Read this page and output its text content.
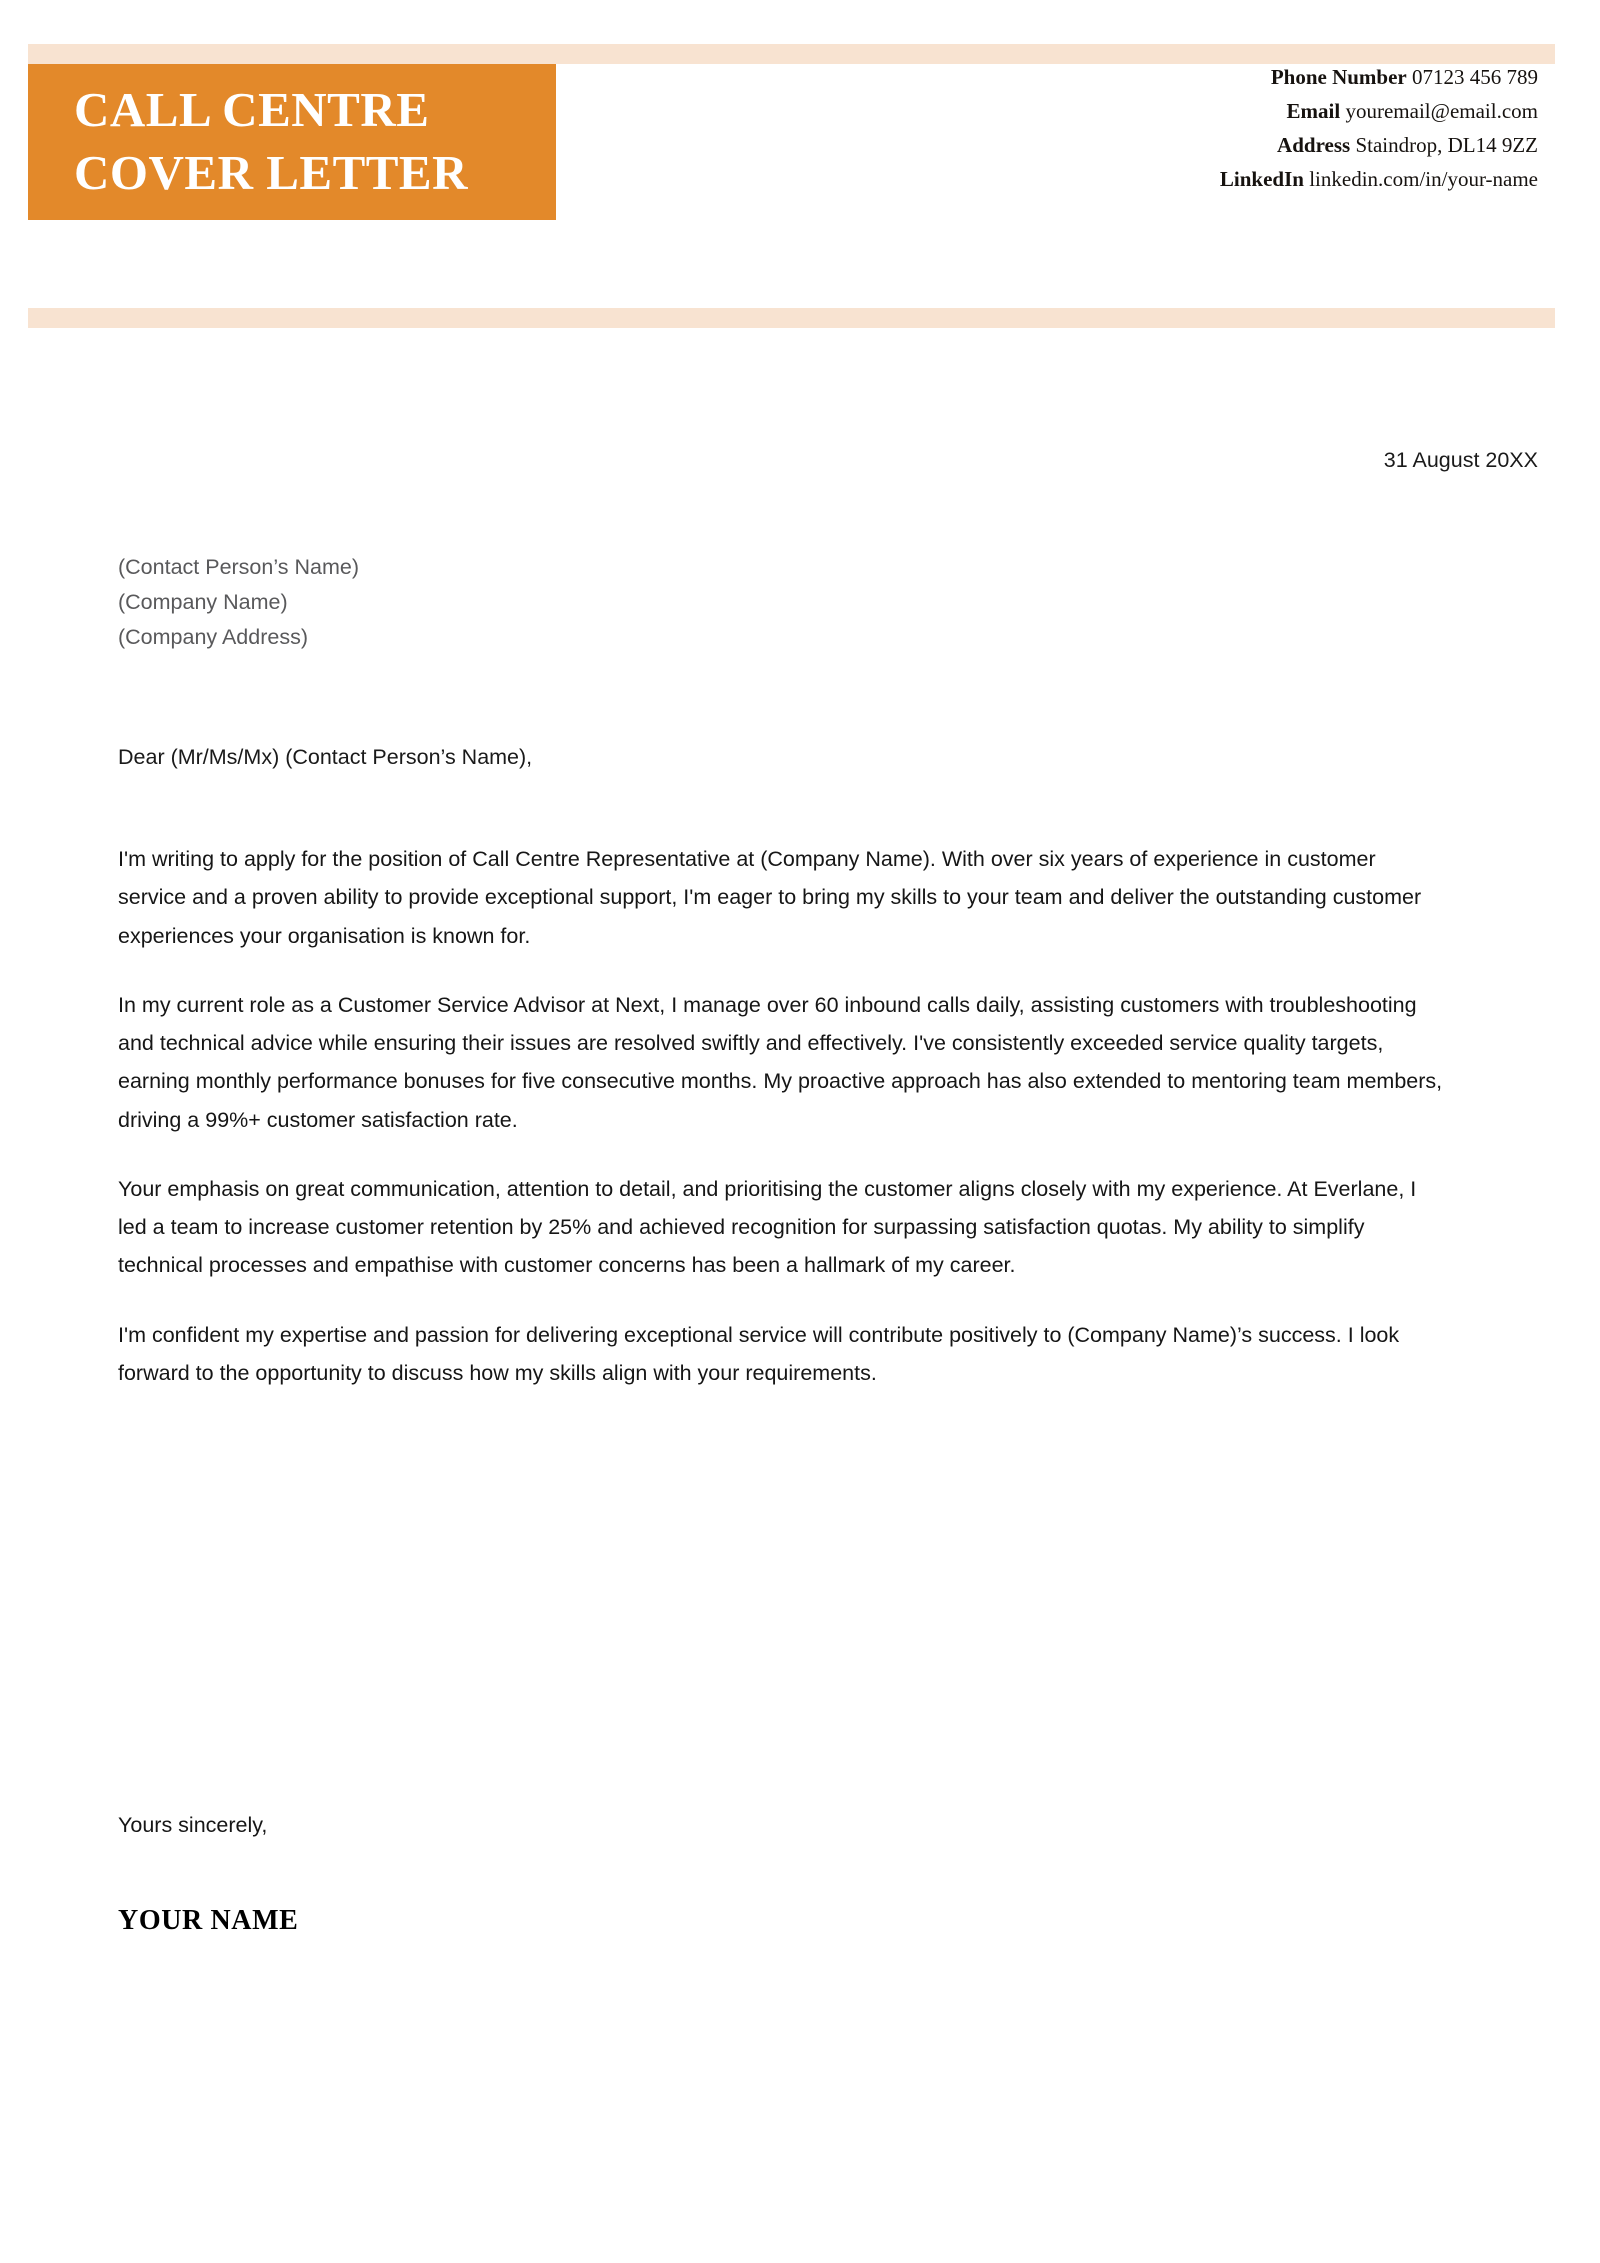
CALL CENTRE
COVER LETTER
Phone Number 07123 456 789
Email youremail@email.com
Address Staindrop, DL14 9ZZ
LinkedIn linkedin.com/in/your-name
31 August 20XX
(Contact Person’s Name)
(Company Name)
(Company Address)
Dear (Mr/Ms/Mx) (Contact Person’s Name),

I'm writing to apply for the position of Call Centre Representative at (Company Name). With over six years of experience in customer service and a proven ability to provide exceptional support, I'm eager to bring my skills to your team and deliver the outstanding customer experiences your organisation is known for.

In my current role as a Customer Service Advisor at Next, I manage over 60 inbound calls daily, assisting customers with troubleshooting and technical advice while ensuring their issues are resolved swiftly and effectively. I've consistently exceeded service quality targets, earning monthly performance bonuses for five consecutive months. My proactive approach has also extended to mentoring team members, driving a 99%+ customer satisfaction rate.

Your emphasis on great communication, attention to detail, and prioritising the customer aligns closely with my experience. At Everlane, I led a team to increase customer retention by 25% and achieved recognition for surpassing satisfaction quotas. My ability to simplify technical processes and empathise with customer concerns has been a hallmark of my career.

I'm confident my expertise and passion for delivering exceptional service will contribute positively to (Company Name)’s success. I look forward to the opportunity to discuss how my skills align with your requirements.

Yours sincerely,
YOUR NAME
